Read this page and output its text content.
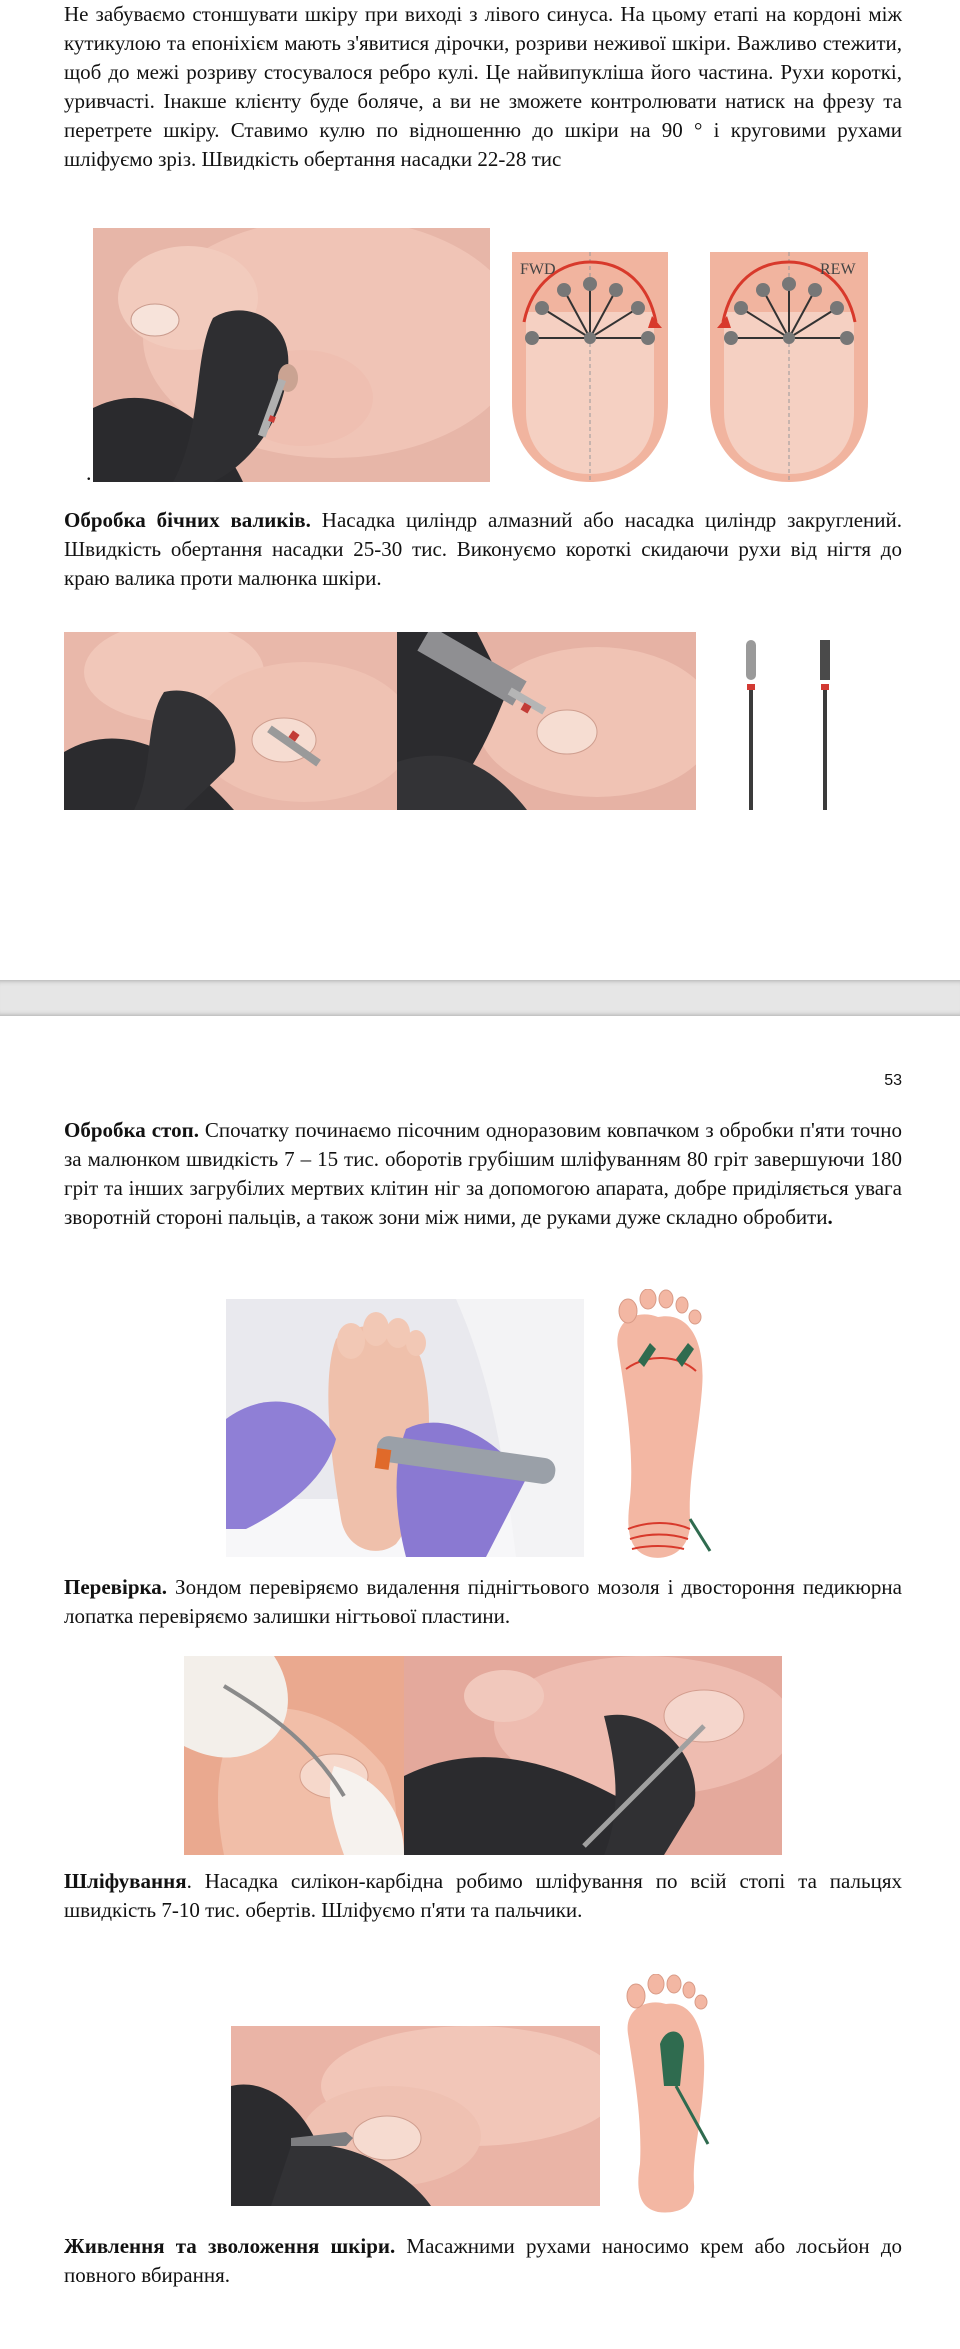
Не забуваємо стоншувати шкіру при виході з лівого синуса. На цьому етапі на кордоні між кутикулою та епоніхієм мають з'явитися дірочки, розриви неживої шкіри. Важливо стежити, щоб до межі розриву стосувалося ребро кулі. Це найвипукліша його частина. Рухи короткі, уривчасті. Інакше клієнту буде боляче, а ви не зможете контролювати натиск на фрезу та перетрете шкіру. Ставимо кулю по відношенню до шкіри на 90 ° і круговими рухами шліфуємо зріз. Швидкість обертання насадки 22-28 тис

.
FWD	REW

Обробка бічних валиків. Насадка циліндр алмазний або насадка циліндр закруглений. Швидкість обертання насадки 25-30 тис. Виконуємо короткі скидаючи рухи від нігтя до краю валика проти малюнка шкіри.

53

Обробка стоп. Спочатку починаємо пісочним одноразовим ковпачком з обробки п'яти точно за малюнком швидкість 7 – 15 тис. оборотів грубішим шліфуванням 80 гріт завершуючи 180 гріт та інших загрубілих мертвих клітин ніг за допомогою апарата, добре приділяється увага зворотній стороні пальців, а також зони між ними, де руками дуже складно обробити.

Перевірка. Зондом перевіряємо видалення піднігтьового мозоля і двостороння педикюрна лопатка перевіряємо залишки нігтьової пластини.

Шліфування. Насадка силікон-карбідна робимо шліфування по всій стопі та пальцях швидкість 7-10 тис. обертів. Шліфуємо п'яти та пальчики.

Живлення та зволоження шкіри. Масажними рухами наносимо крем або лосьйон до повного вбирання.
